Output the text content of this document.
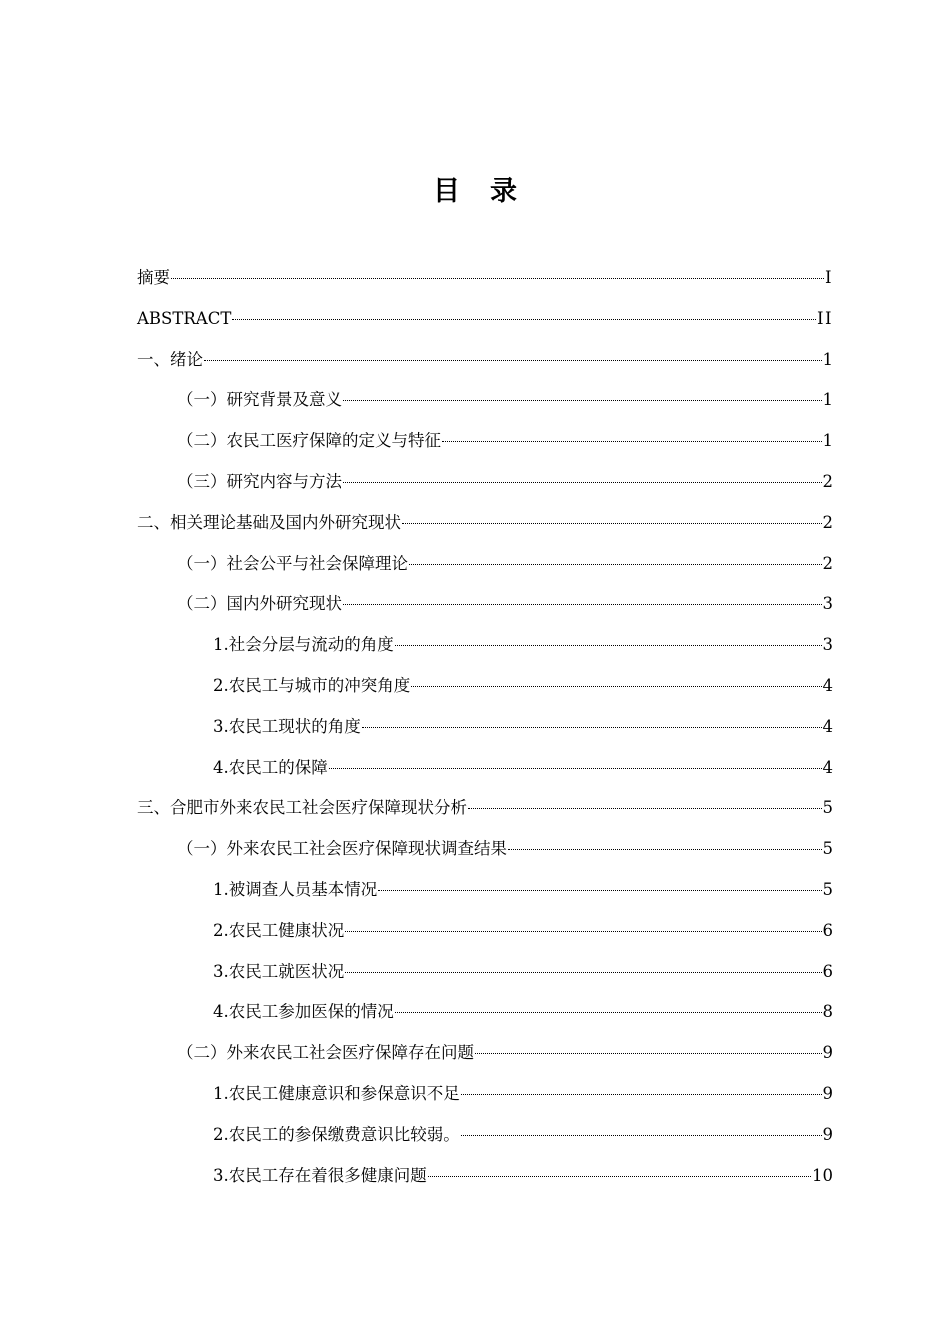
目 录
摘要	I
ABSTRACT	II
一、绪论	1
（一）研究背景及意义	1
（二）农民工医疗保障的定义与特征	1
（三）研究内容与方法	2
二、相关理论基础及国内外研究现状	2
（一）社会公平与社会保障理论	2
（二）国内外研究现状	3
1.社会分层与流动的角度	3
2.农民工与城市的冲突角度	4
3.农民工现状的角度	4
4.农民工的保障	4
三、合肥市外来农民工社会医疗保障现状分析	5
（一）外来农民工社会医疗保障现状调查结果	5
1.被调查人员基本情况	5
2.农民工健康状况	6
3.农民工就医状况	6
4.农民工参加医保的情况	8
（二）外来农民工社会医疗保障存在问题	9
1.农民工健康意识和参保意识不足	9
2.农民工的参保缴费意识比较弱。	9
3.农民工存在着很多健康问题	10
